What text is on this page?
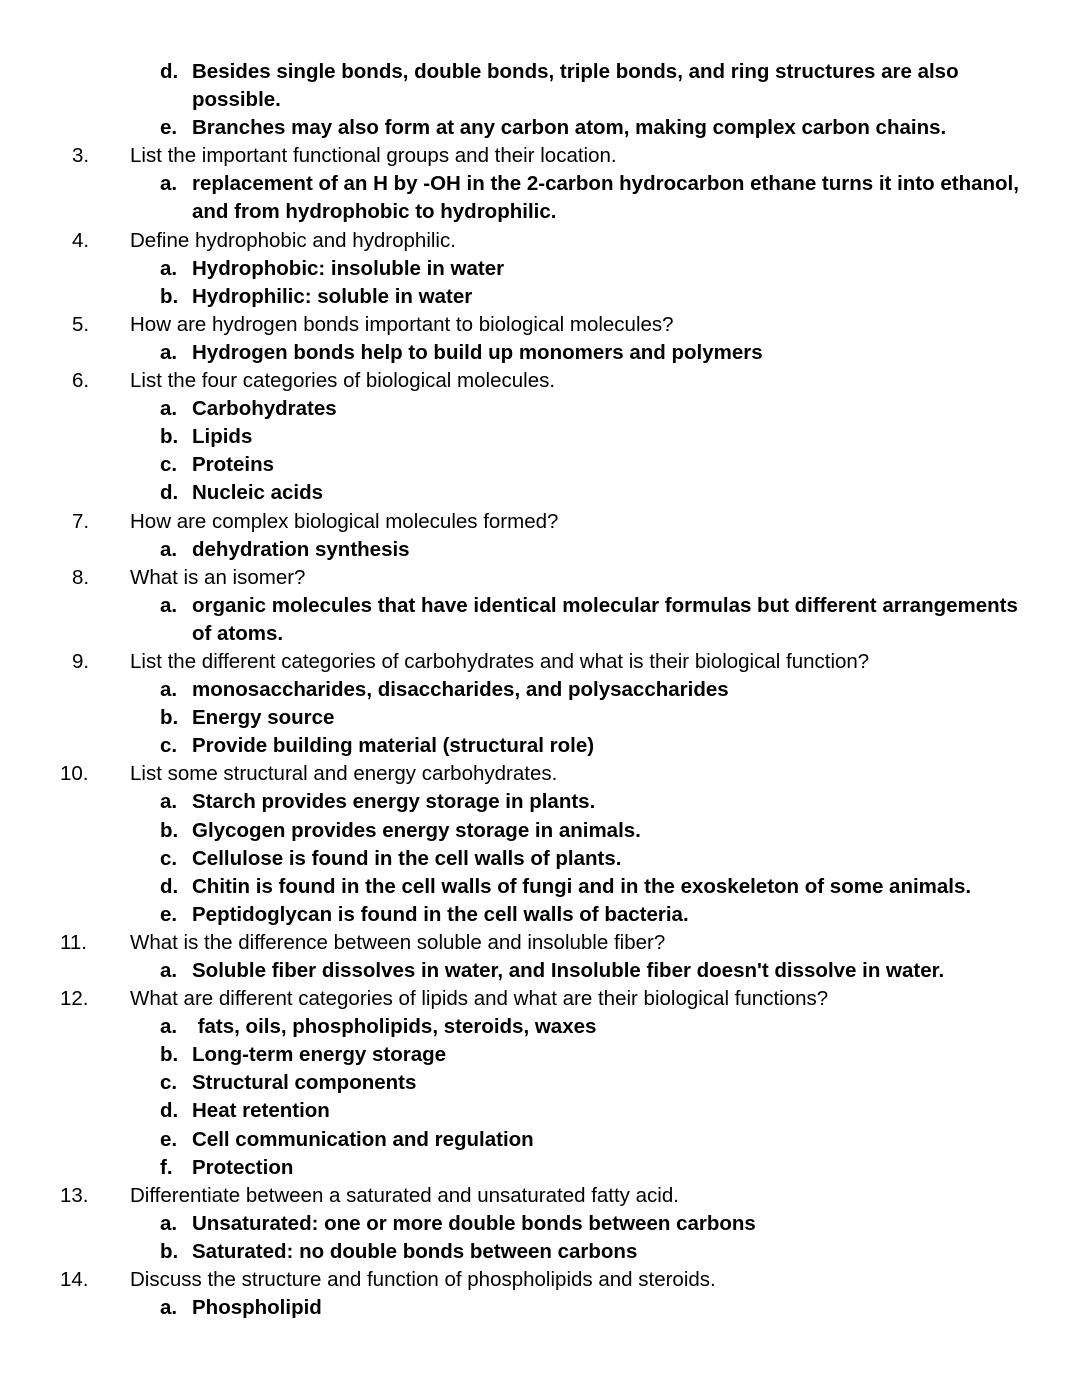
d. Besides single bonds, double bonds, triple bonds, and ring structures are also possible.
e. Branches may also form at any carbon atom, making complex carbon chains.
3.	List the important functional groups and their location.
a. replacement of an H by -OH in the 2-carbon hydrocarbon ethane turns it into ethanol, and from hydrophobic to hydrophilic.
4.	Define hydrophobic and hydrophilic.
a. Hydrophobic: insoluble in water
b. Hydrophilic: soluble in water
5.	How are hydrogen bonds important to biological molecules?
a. Hydrogen bonds help to build up monomers and polymers
6.	List the four categories of biological molecules.
a. Carbohydrates
b. Lipids
c. Proteins
d. Nucleic acids
7.	How are complex biological molecules formed?
a. dehydration synthesis
8.	What is an isomer?
a. organic molecules that have identical molecular formulas but different arrangements of atoms.
9.	List the different categories of carbohydrates and what is their biological function?
a. monosaccharides, disaccharides, and polysaccharides
b. Energy source
c. Provide building material (structural role)
10.	List some structural and energy carbohydrates.
a. Starch provides energy storage in plants.
b. Glycogen provides energy storage in animals.
c. Cellulose is found in the cell walls of plants.
d. Chitin is found in the cell walls of fungi and in the exoskeleton of some animals.
e. Peptidoglycan is found in the cell walls of bacteria.
11.	What is the difference between soluble and insoluble fiber?
a. Soluble fiber dissolves in water, and Insoluble fiber doesn't dissolve in water.
12.	What are different categories of lipids and what are their biological functions?
a. fats, oils, phospholipids, steroids, waxes
b. Long-term energy storage
c. Structural components
d. Heat retention
e. Cell communication and regulation
f. Protection
13.	Differentiate between a saturated and unsaturated fatty acid.
a. Unsaturated: one or more double bonds between carbons
b. Saturated: no double bonds between carbons
14.	Discuss the structure and function of phospholipids and steroids.
a. Phospholipid
